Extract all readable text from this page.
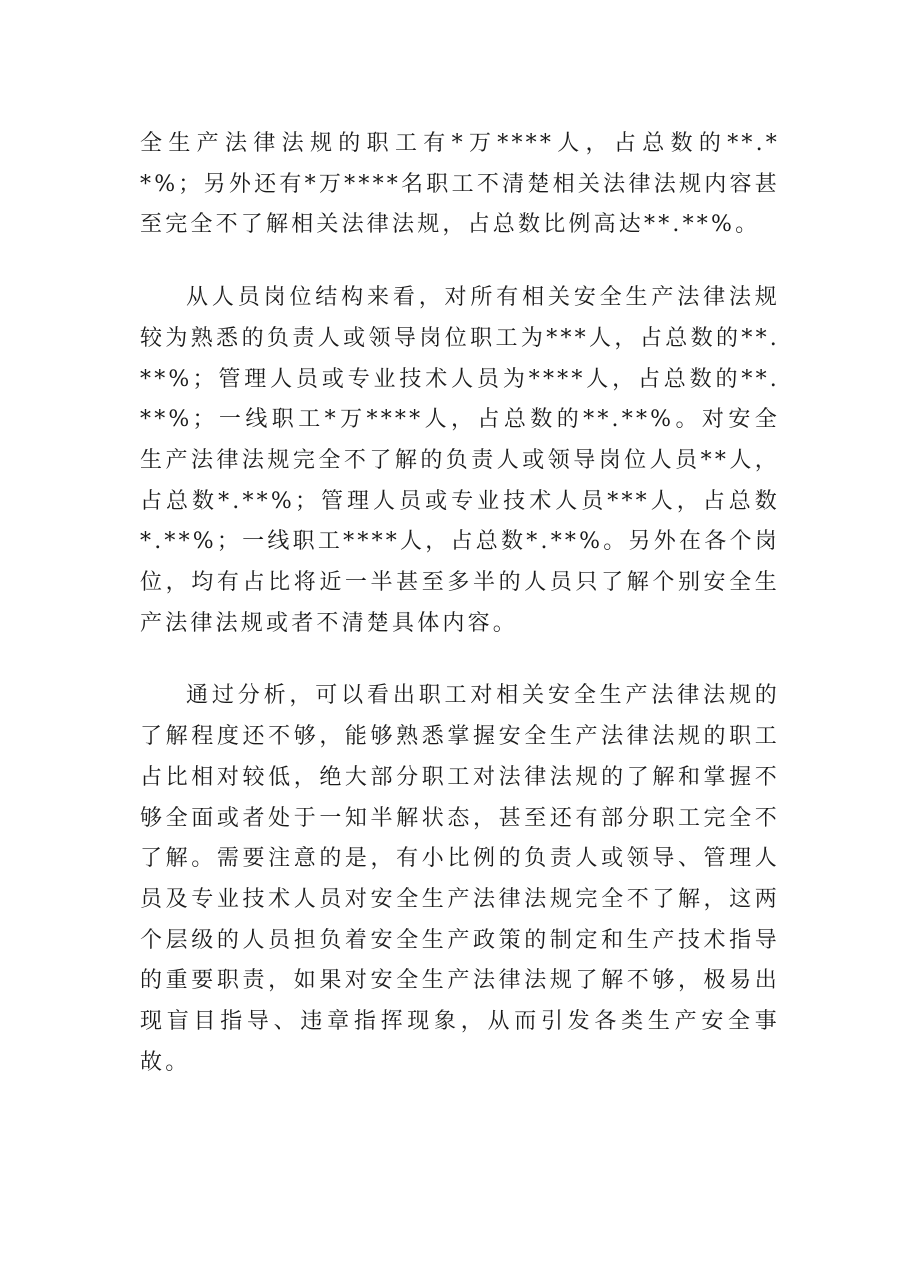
全生产法律法规的职工有*万****人，占总数的**.**%；另外还有*万****名职工不清楚相关法律法规内容甚至完全不了解相关法律法规，占总数比例高达**.**%。

从人员岗位结构来看，对所有相关安全生产法律法规较为熟悉的负责人或领导岗位职工为***人，占总数的**.**%；管理人员或专业技术人员为****人，占总数的**.**%；一线职工*万****人，占总数的**.**%。对安全生产法律法规完全不了解的负责人或领导岗位人员**人，占总数*.**%；管理人员或专业技术人员***人，占总数*.**%；一线职工****人，占总数*.**%。另外在各个岗位，均有占比将近一半甚至多半的人员只了解个别安全生产法律法规或者不清楚具体内容。

通过分析，可以看出职工对相关安全生产法律法规的了解程度还不够，能够熟悉掌握安全生产法律法规的职工占比相对较低，绝大部分职工对法律法规的了解和掌握不够全面或者处于一知半解状态，甚至还有部分职工完全不了解。需要注意的是，有小比例的负责人或领导、管理人员及专业技术人员对安全生产法律法规完全不了解，这两个层级的人员担负着安全生产政策的制定和生产技术指导的重要职责，如果对安全生产法律法规了解不够，极易出现盲目指导、违章指挥现象，从而引发各类生产安全事故。
